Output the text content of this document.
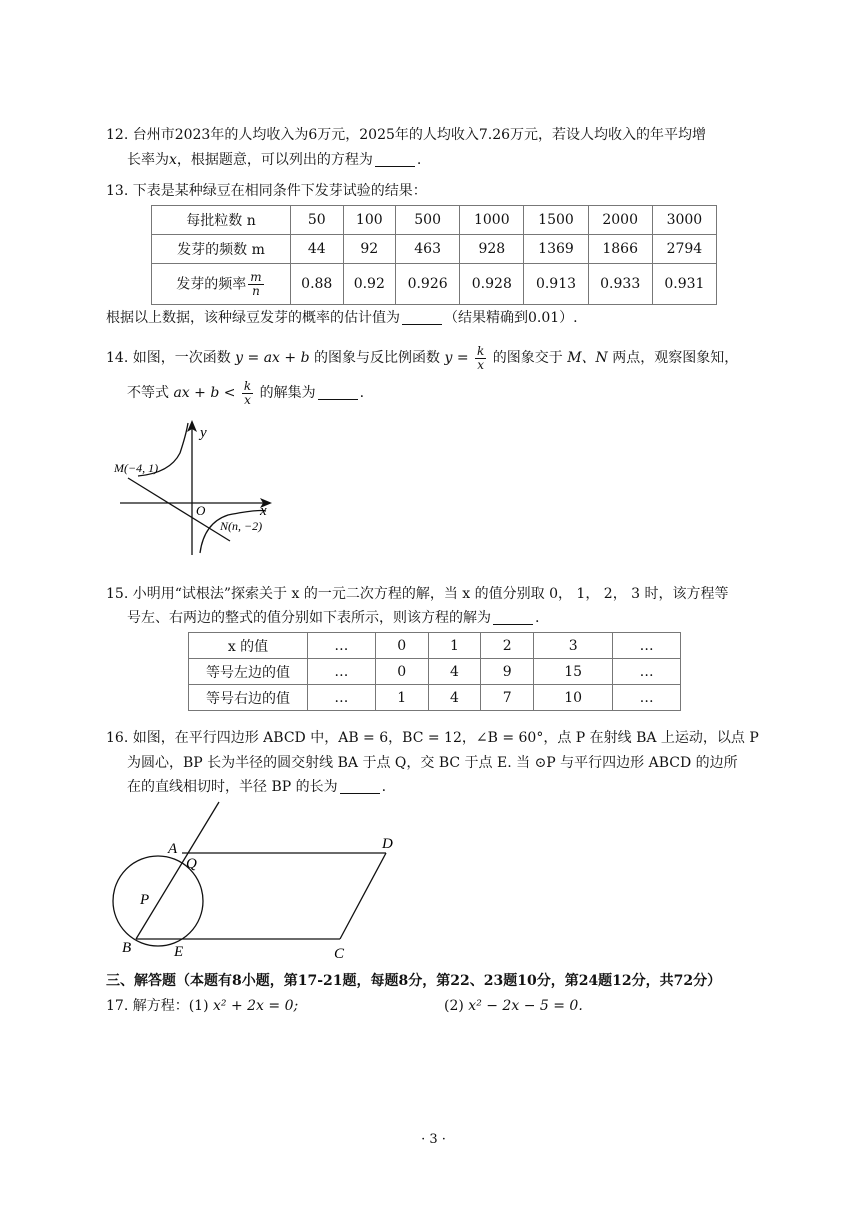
12. 台州市2023年的人均收入为6万元，2025年的人均收入7.26万元，若设人均收入的年平均增
长率为x，根据题意，可以列出的方程为	.
13. 下表是某种绿豆在相同条件下发芽试验的结果：
每批粒数 n	50	100	500	1000	1500	2000	3000
发芽的频数 m	44	92	463	928	1369	1866	2794
发芽的频率 $\frac{m}{n}$	0.88	0.92	0.926	0.928	0.913	0.933	0.931
根据以上数据，该种绿豆发芽的概率的估计值为	（结果精确到0.01）.
14. 如图，一次函数 y = ax + b 的图象与反比例函数 $y = \frac{k}{x}$ 的图象交于 M、N 两点，观察图象知，
不等式 ax + $b < \frac{k}{x}$ 的解集为	.
y
x
O
M(−4, 1)
N(n, −2)
15. 小明用“试根法”探索关于 x 的一元二次方程的解，当 x 的值分别取 0， 1， 2， 3 时，该方程等
号左、右两边的整式的值分别如下表所示，则该方程的解为	.
x 的值	…	0	1	2	3	…
等号左边的值	…	0	4	9	15	…
等号右边的值	…	1	4	7	10	…
16. 如图，在平行四边形 ABCD 中，AB = 6，BC = 12，∠B = 60°，点 P 在射线 BA 上运动，以点 P
为圆心，BP 长为半径的圆交射线 BA 于点 Q，交 BC 于点 E. 当 ⊙P 与平行四边形 ABCD 的边所
在的直线相切时，半径 BP 的长为	.
A
Q
D
P
B	E	C
三、解答题（本题有8小题，第17-21题，每题8分，第22、23题10分，第24题12分，共72分）
17. 解方程：(1) x² + 2x = 0;	(2) x² − 2x − 5 = 0.
· 3 ·
